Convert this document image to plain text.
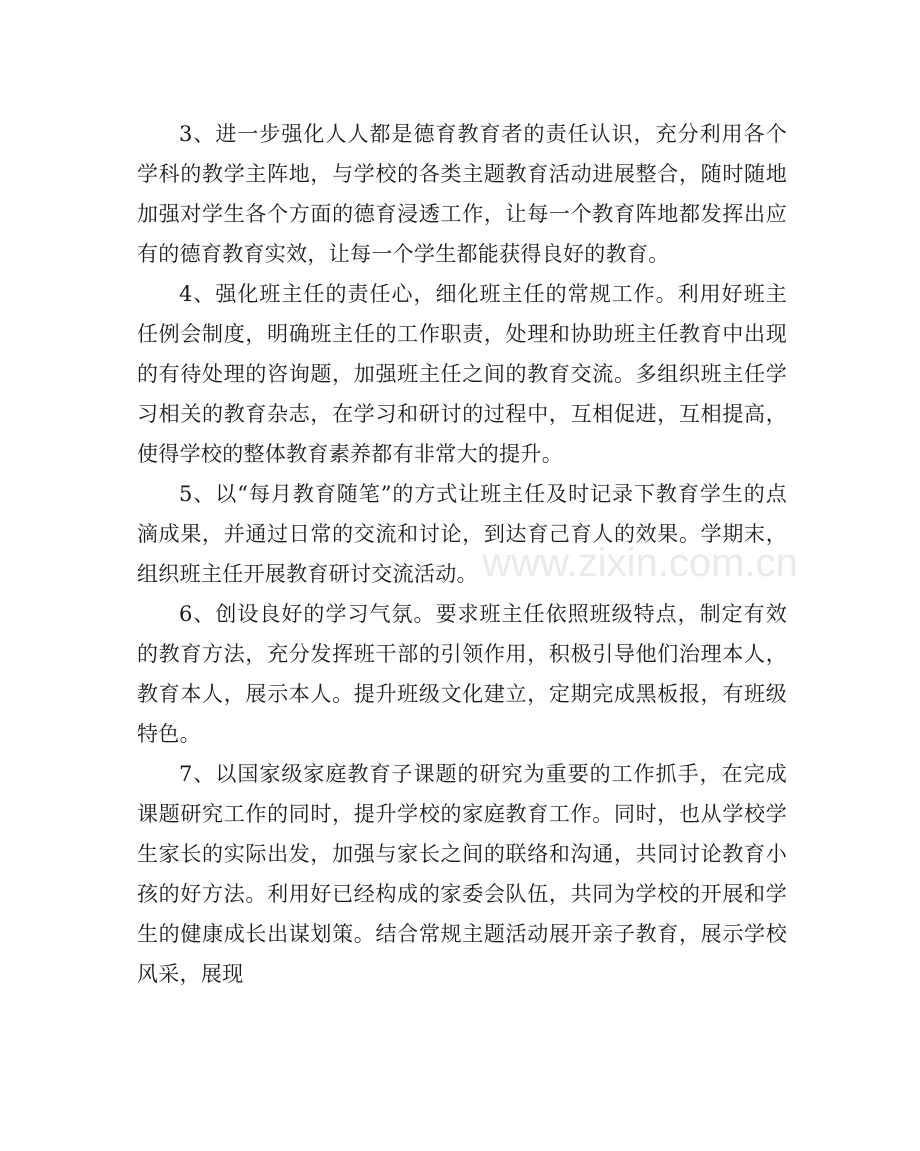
3、进一步强化人人都是德育教育者的责任认识，充分利用各个学科的教学主阵地，与学校的各类主题教育活动进展整合，随时随地加强对学生各个方面的德育浸透工作，让每一个教育阵地都发挥出应有的德育教育实效，让每一个学生都能获得良好的教育。

4、强化班主任的责任心，细化班主任的常规工作。利用好班主任例会制度，明确班主任的工作职责，处理和协助班主任教育中出现的有待处理的咨询题，加强班主任之间的教育交流。多组织班主任学习相关的教育杂志，在学习和研讨的过程中，互相促进，互相提高，使得学校的整体教育素养都有非常大的提升。

5、以“每月教育随笔”的方式让班主任及时记录下教育学生的点滴成果，并通过日常的交流和讨论，到达育己育人的效果。学期末，组织班主任开展教育研讨交流活动。

6、创设良好的学习气氛。要求班主任依照班级特点，制定有效的教育方法，充分发挥班干部的引领作用，积极引导他们治理本人，教育本人，展示本人。提升班级文化建立，定期完成黑板报，有班级特色。

7、以国家级家庭教育子课题的研究为重要的工作抓手，在完成课题研究工作的同时，提升学校的家庭教育工作。同时，也从学校学生家长的实际出发，加强与家长之间的联络和沟通，共同讨论教育小孩的好方法。利用好已经构成的家委会队伍，共同为学校的开展和学生的健康成长出谋划策。结合常规主题活动展开亲子教育，展示学校风采，展现

www.zixin.com.cn
